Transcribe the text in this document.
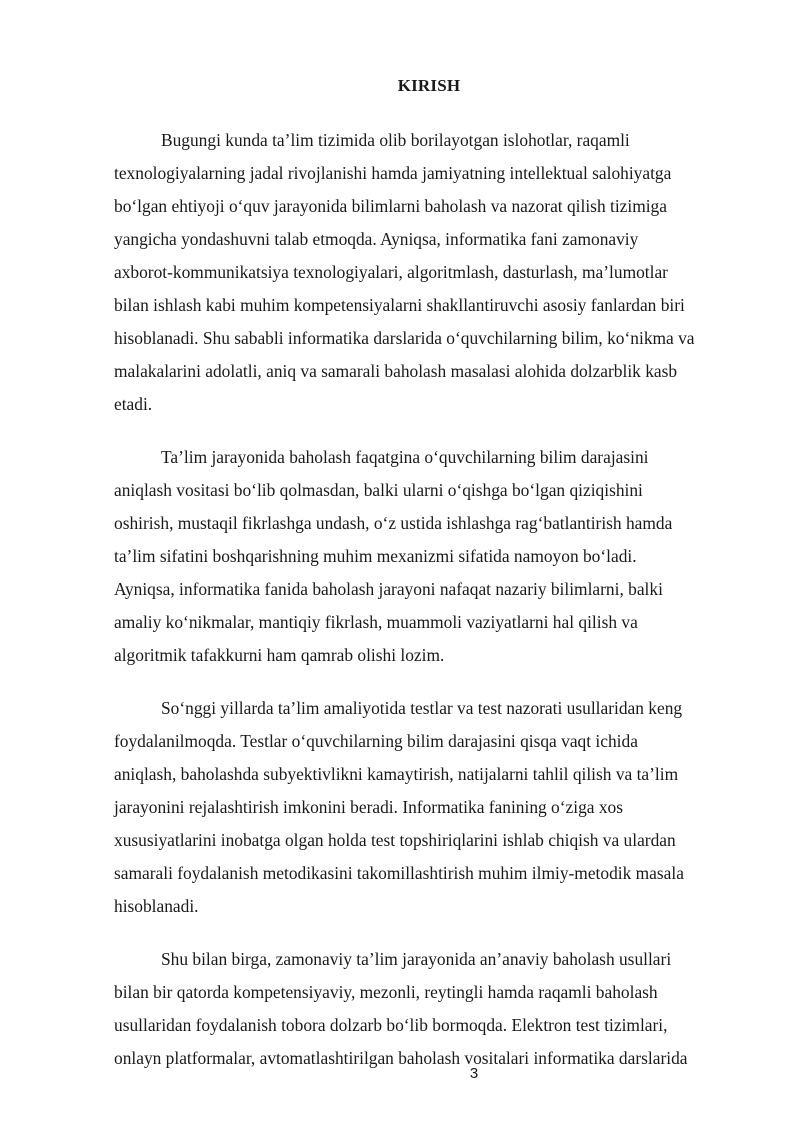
KIRISH

Bugungi kunda ta’lim tizimida olib borilayotgan islohotlar, raqamli
texnologiyalarning jadal rivojlanishi hamda jamiyatning intellektual salohiyatga
bo‘lgan ehtiyoji o‘quv jarayonida bilimlarni baholash va nazorat qilish tizimiga
yangicha yondashuvni talab etmoqda. Ayniqsa, informatika fani zamonaviy
axborot-kommunikatsiya texnologiyalari, algoritmlash, dasturlash, ma’lumotlar
bilan ishlash kabi muhim kompetensiyalarni shakllantiruvchi asosiy fanlardan biri
hisoblanadi. Shu sababli informatika darslarida o‘quvchilarning bilim, ko‘nikma va
malakalarini adolatli, aniq va samarali baholash masalasi alohida dolzarblik kasb
etadi.

Ta’lim jarayonida baholash faqatgina o‘quvchilarning bilim darajasini
aniqlash vositasi bo‘lib qolmasdan, balki ularni o‘qishga bo‘lgan qiziqishini
oshirish, mustaqil fikrlashga undash, o‘z ustida ishlashga rag‘batlantirish hamda
ta’lim sifatini boshqarishning muhim mexanizmi sifatida namoyon bo‘ladi.
Ayniqsa, informatika fanida baholash jarayoni nafaqat nazariy bilimlarni, balki
amaliy ko‘nikmalar, mantiqiy fikrlash, muammoli vaziyatlarni hal qilish va
algoritmik tafakkurni ham qamrab olishi lozim.

So‘nggi yillarda ta’lim amaliyotida testlar va test nazorati usullaridan keng
foydalanilmoqda. Testlar o‘quvchilarning bilim darajasini qisqa vaqt ichida
aniqlash, baholashda subyektivlikni kamaytirish, natijalarni tahlil qilish va ta’lim
jarayonini rejalashtirish imkonini beradi. Informatika fanining o‘ziga xos
xususiyatlarini inobatga olgan holda test topshiriqlarini ishlab chiqish va ulardan
samarali foydalanish metodikasini takomillashtirish muhim ilmiy-metodik masala
hisoblanadi.

Shu bilan birga, zamonaviy ta’lim jarayonida an’anaviy baholash usullari
bilan bir qatorda kompetensiyaviy, mezonli, reytingli hamda raqamli baholash
usullaridan foydalanish tobora dolzarb bo‘lib bormoqda. Elektron test tizimlari,
onlayn platformalar, avtomatlashtirilgan baholash vositalari informatika darslarida

3
